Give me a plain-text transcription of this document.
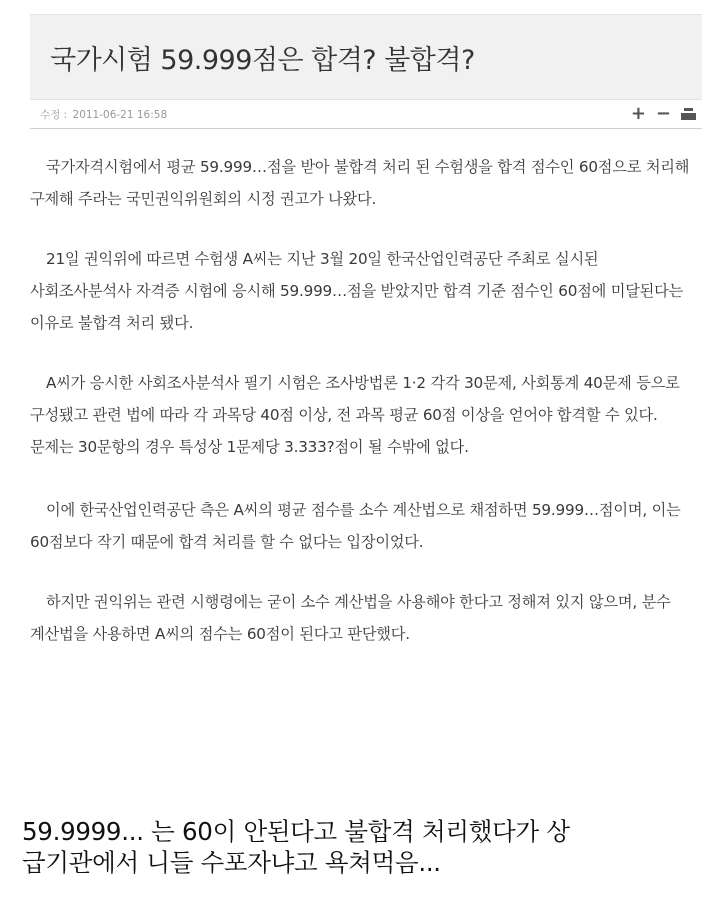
국가시험 59.999점은 합격? 불합격?
수정 : 2011-06-21 16:58	+ −

국가자격시험에서 평균 59.999…점을 받아 불합격 처리 된 수험생을 합격 점수인 60점으로 처리해 구제해 주라는 국민권익위원회의 시정 권고가 나왔다.

21일 권익위에 따르면 수험생 A씨는 지난 3월 20일 한국산업인력공단 주최로 실시된 사회조사분석사 자격증 시험에 응시해 59.999…점을 받았지만 합격 기준 점수인 60점에 미달된다는 이유로 불합격 처리 됐다.

A씨가 응시한 사회조사분석사 필기 시험은 조사방법론 1·2 각각 30문제, 사회통계 40문제 등으로 구성됐고 관련 법에 따라 각 과목당 40점 이상, 전 과목 평균 60점 이상을 얻어야 합격할 수 있다. 문제는 30문항의 경우 특성상 1문제당 3.333?점이 될 수밖에 없다.

이에 한국산업인력공단 측은 A씨의 평균 점수를 소수 계산법으로 채점하면 59.999…점이며, 이는 60점보다 작기 때문에 합격 처리를 할 수 없다는 입장이었다.

하지만 권익위는 관련 시행령에는 굳이 소수 계산법을 사용해야 한다고 정해져 있지 않으며, 분수 계산법을 사용하면 A씨의 점수는 60점이 된다고 판단했다.

59.9999... 는 60이 안된다고 불합격 처리했다가 상
급기관에서 니들 수포자냐고 욕쳐먹음...
